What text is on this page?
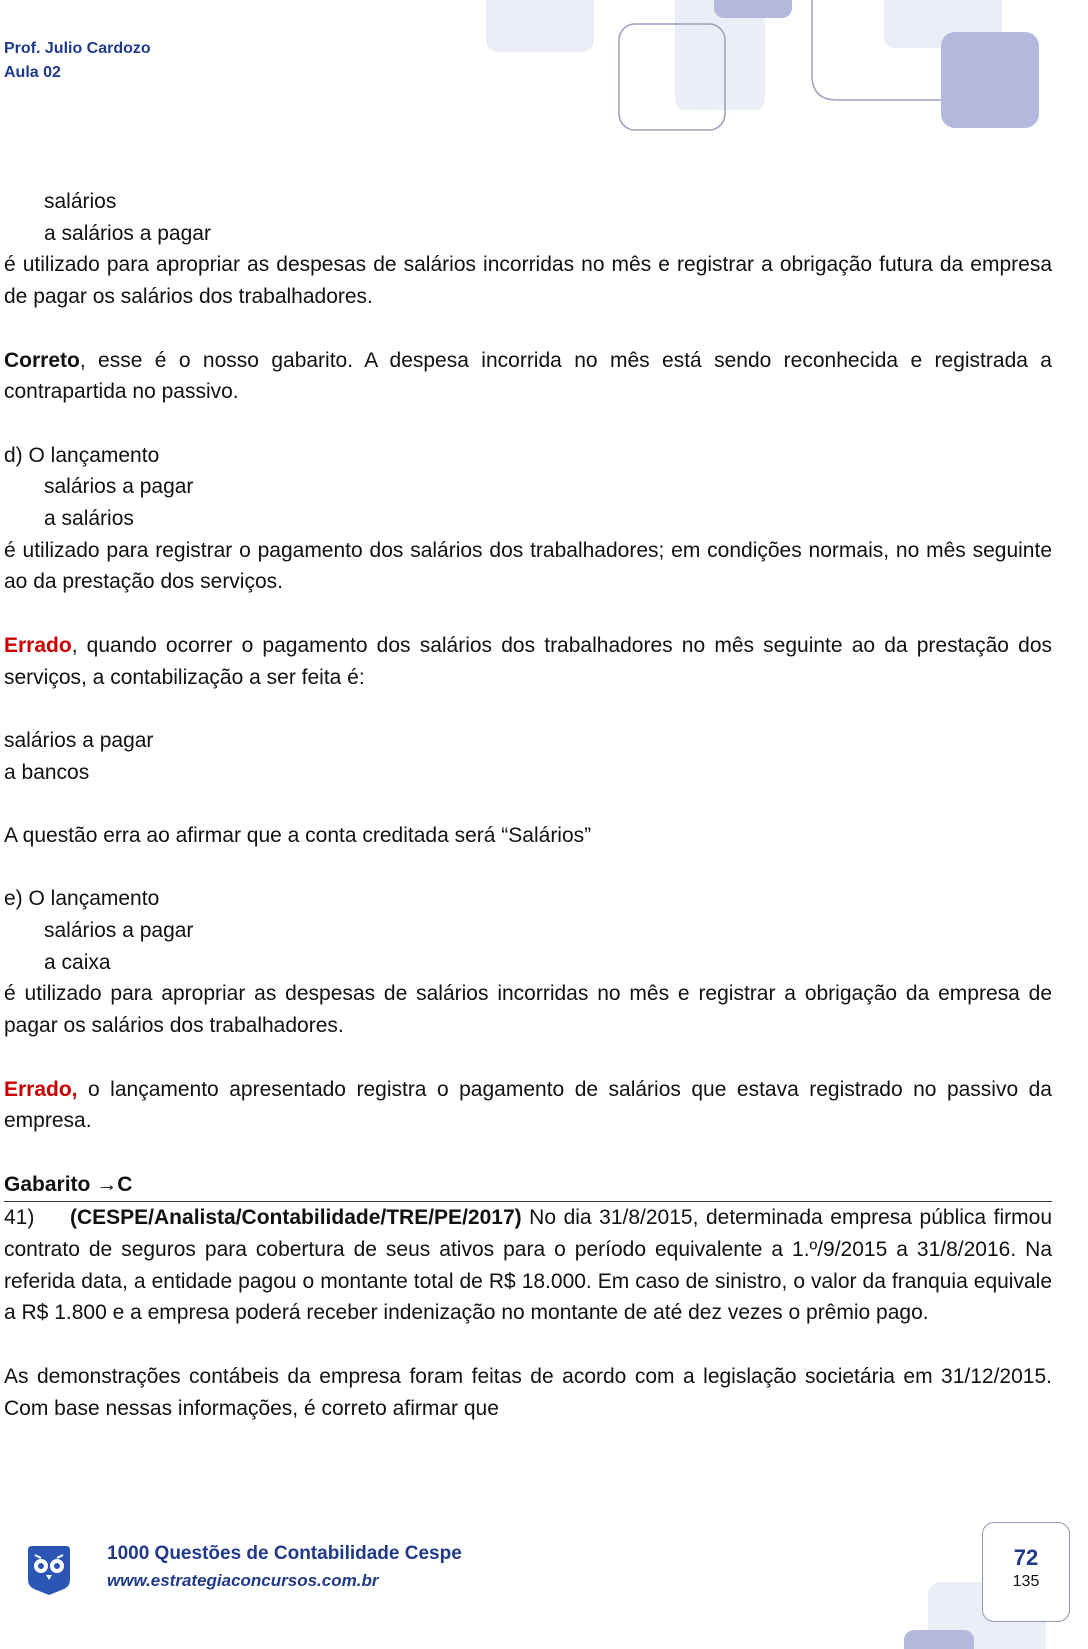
Prof. Julio Cardozo
Aula 02

salários

a salários a pagar

é utilizado para apropriar as despesas de salários incorridas no mês e registrar a obrigação futura da empresa de pagar os salários dos trabalhadores.

Correto, esse é o nosso gabarito. A despesa incorrida no mês está sendo reconhecida e registrada a contrapartida no passivo.

d) O lançamento

salários a pagar

a salários

é utilizado para registrar o pagamento dos salários dos trabalhadores; em condições normais, no mês seguinte ao da prestação dos serviços.

Errado, quando ocorrer o pagamento dos salários dos trabalhadores no mês seguinte ao da prestação dos serviços, a contabilização a ser feita é:

salários a pagar

a bancos

A questão erra ao afirmar que a conta creditada será “Salários”

e) O lançamento

salários a pagar

a caixa

é utilizado para apropriar as despesas de salários incorridas no mês e registrar a obrigação da empresa de pagar os salários dos trabalhadores.

Errado, o lançamento apresentado registra o pagamento de salários que estava registrado no passivo da empresa.

Gabarito →C

41) (CESPE/Analista/Contabilidade/TRE/PE/2017) No dia 31/8/2015, determinada empresa pública firmou contrato de seguros para cobertura de seus ativos para o período equivalente a 1.º/9/2015 a 31/8/2016. Na referida data, a entidade pagou o montante total de R$ 18.000. Em caso de sinistro, o valor da franquia equivale a R$ 1.800 e a empresa poderá receber indenização no montante de até dez vezes o prêmio pago.

As demonstrações contábeis da empresa foram feitas de acordo com a legislação societária em 31/12/2015. Com base nessas informações, é correto afirmar que

1000 Questões de Contabilidade Cespe
www.estrategiaconcursos.com.br
72
135
